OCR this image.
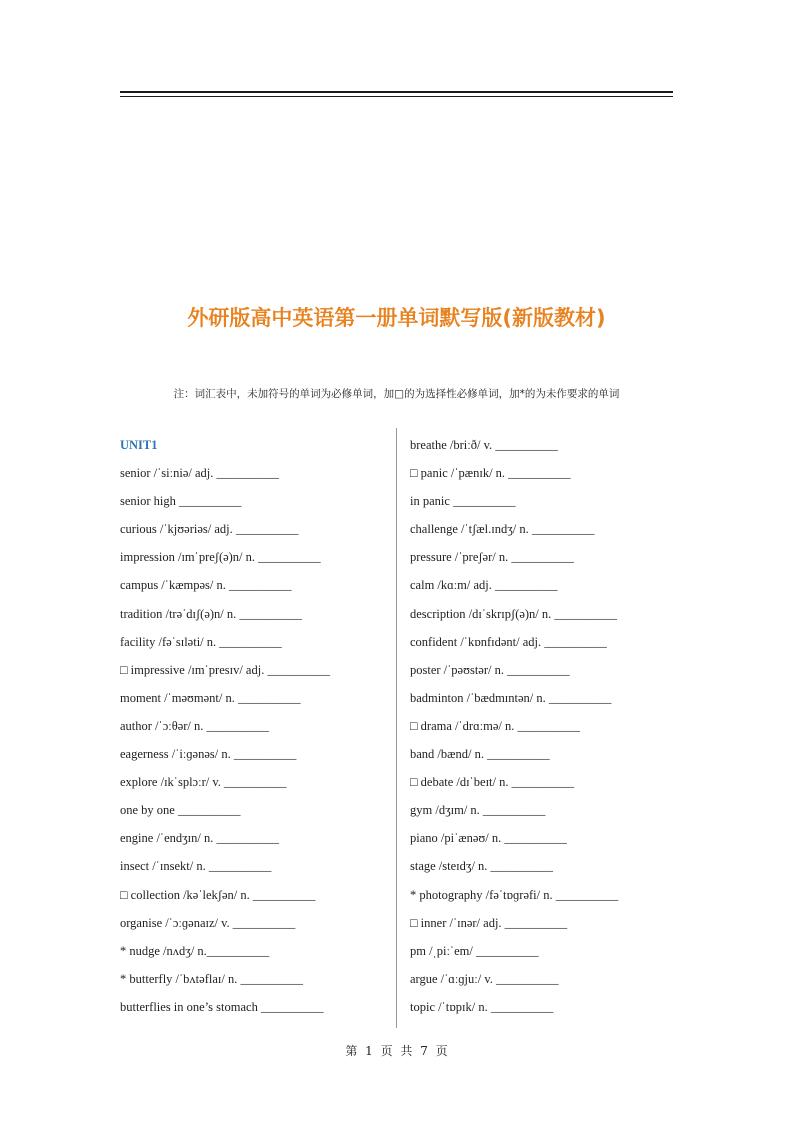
外研版高中英语第一册单词默写版(新版教材)
注：词汇表中，未加符号的单词为必修单词，加□的为选择性必修单词，加*的为未作要求的单词
UNIT1
senior /ˈsiːniə/ adj. __________
senior high __________
curious /ˈkjʊəriəs/ adj. __________
impression /ɪmˈpreʃ(ə)n/ n. __________
campus /ˈkæmpəs/ n. __________
tradition /trəˈdɪʃ(ə)n/ n. __________
facility /fəˈsɪləti/ n. __________
□ impressive /ɪmˈpresɪv/ adj. __________
moment /ˈməʊmənt/ n. __________
author /ˈɔːθər/ n. __________
eagerness /ˈiːɡənəs/ n. __________
explore /ɪkˈsplɔːr/ v. __________
one by one __________
engine /ˈendʒɪn/ n. __________
insect /ˈɪnsekt/ n. __________
□ collection /kəˈlekʃən/ n. __________
organise /ˈɔːɡənaɪz/ v. __________
* nudge /nʌdʒ/ n.__________
* butterfly /ˈbʌtəflaɪ/ n. __________
butterflies in one’s stomach __________
breathe /briːð/ v. __________
□ panic /ˈpænɪk/ n. __________
in panic __________
challenge /ˈtʃæl.ɪndʒ/ n. __________
pressure /ˈpreʃər/ n. __________
calm /kɑːm/ adj. __________
description /dɪˈskrɪpʃ(ə)n/ n. __________
confident /ˈkɒnfɪdənt/ adj. __________
poster /ˈpəʊstər/ n. __________
badminton /ˈbædmɪntən/ n. __________
□ drama /ˈdrɑːmə/ n. __________
band /bænd/ n. __________
□ debate /dɪˈbeɪt/ n. __________
gym /dʒɪm/ n. __________
piano /piˈænəʊ/ n. __________
stage /steɪdʒ/ n. __________
* photography /fəˈtɒɡrəfi/ n. __________
□ inner /ˈɪnər/ adj. __________
pm /ˌpiːˈem/ __________
argue /ˈɑːɡjuː/ v. __________
topic /ˈtɒpɪk/ n. __________
第 1 页 共 7 页
